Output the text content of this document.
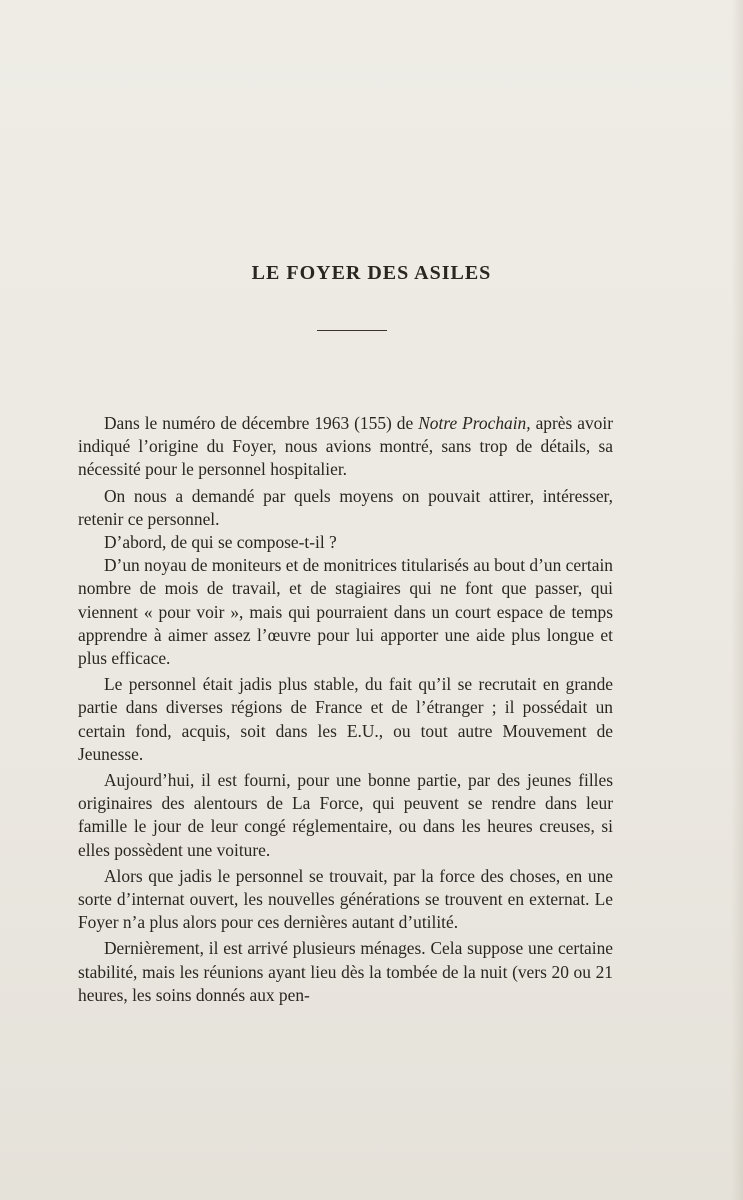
LE FOYER DES ASILES

Dans le numéro de décembre 1963 (155) de Notre Prochain, après avoir indiqué l’origine du Foyer, nous avions montré, sans trop de détails, sa nécessité pour le personnel hospitalier.

On nous a demandé par quels moyens on pouvait attirer, intéresser, retenir ce personnel.

D’abord, de qui se compose-t-il ?

D’un noyau de moniteurs et de monitrices titularisés au bout d’un certain nombre de mois de travail, et de stagiaires qui ne font que passer, qui viennent « pour voir », mais qui pourraient dans un court espace de temps apprendre à aimer assez l’œuvre pour lui apporter une aide plus longue et plus efficace.

Le personnel était jadis plus stable, du fait qu’il se recrutait en grande partie dans diverses régions de France et de l’étranger ; il possédait un certain fond, acquis, soit dans les E.U., ou tout autre Mouvement de Jeunesse.

Aujourd’hui, il est fourni, pour une bonne partie, par des jeunes filles originaires des alentours de La Force, qui peuvent se rendre dans leur famille le jour de leur congé réglementaire, ou dans les heures creuses, si elles possèdent une voiture.

Alors que jadis le personnel se trouvait, par la force des choses, en une sorte d’internat ouvert, les nouvelles générations se trouvent en externat. Le Foyer n’a plus alors pour ces dernières autant d’utilité.

Dernièrement, il est arrivé plusieurs ménages. Cela suppose une certaine stabilité, mais les réunions ayant lieu dès la tombée de la nuit (vers 20 ou 21 heures, les soins donnés aux pen-
